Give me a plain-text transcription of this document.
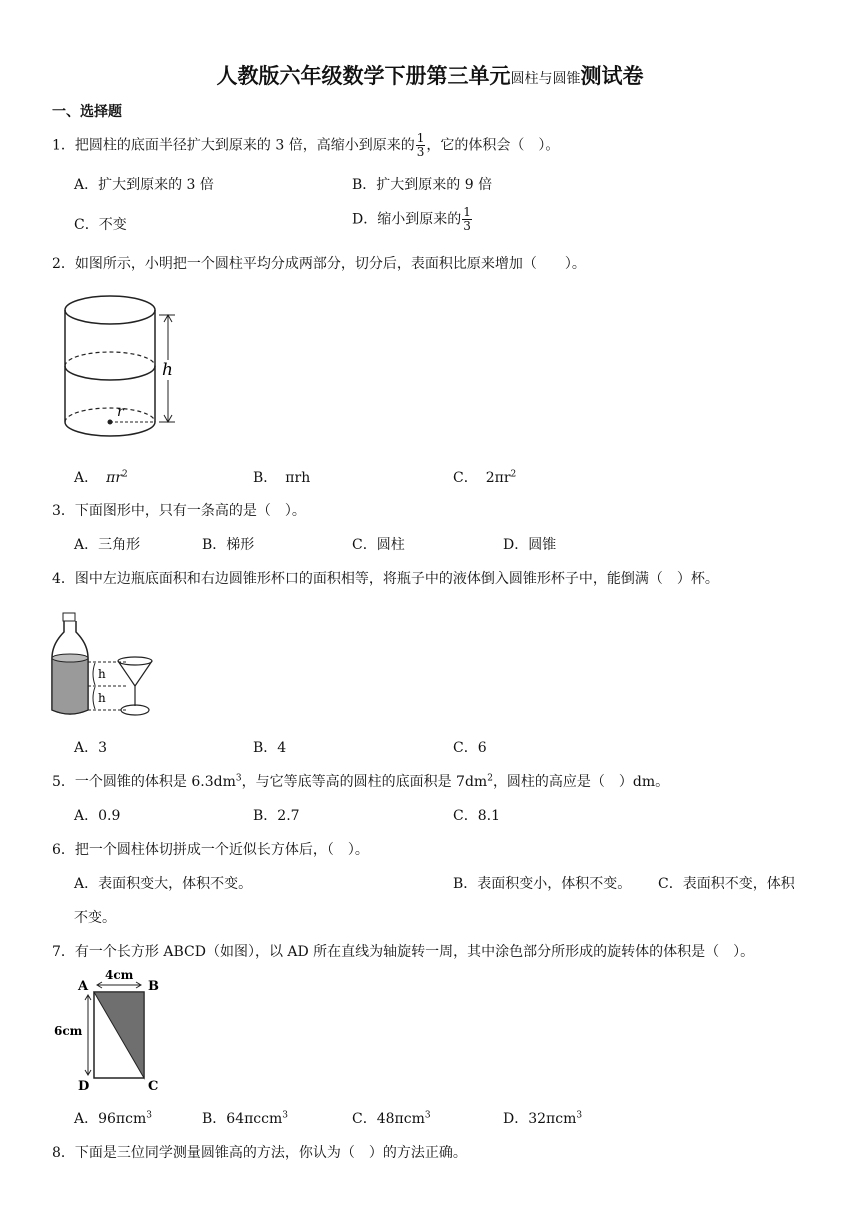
人教版六年级数学下册第三单元圆柱与圆锥测试卷
一、选择题
1．把圆柱的底面半径扩大到原来的 3 倍，高缩小到原来的 $\frac{1}{3}$ ，它的体积会（　）。
A．扩大到原来的 3 倍	B．扩大到原来的 9 倍
C．不变	D．缩小到原来的 $\frac{1}{3}$
2．如图所示，小明把一个圆柱平均分成两部分，切分后，表面积比原来增加（　　）。
r
h
A． $\pi r^2$	B． πrh	C． $2\pi r^2$
3．下面图形中，只有一条高的是（　）。
A．三角形	B．梯形	C．圆柱	D．圆锥
4．图中左边瓶底面积和右边圆锥形杯口的面积相等，将瓶子中的液体倒入圆锥形杯子中，能倒满（　）杯。
h
h
A．3	B．4	C．6
5．一个圆锥的体积是 $6.3dm^3$，与它等底等高的圆柱的底面积是 $7dm^2$，圆柱的高应是（　）dm。
A．0.9	B．2.7	C．8.1
6．把一个圆柱体切拼成一个近似长方体后，（　）。
A．表面积变大，体积不变。	B．表面积变小，体积不变。 C．表面积不变，体积
不变。
7．有一个长方形 ABCD（如图），以 AD 所在直线为轴旋转一周，其中涂色部分所形成的旋转体的体积是（　）。
A	B
C
D
4cm
6cm
A．96πcm$^3$	B．64πccm$^3$	C．48πcm$^3$	D．32πcm$^3$
8．下面是三位同学测量圆锥高的方法，你认为（　）的方法正确。
